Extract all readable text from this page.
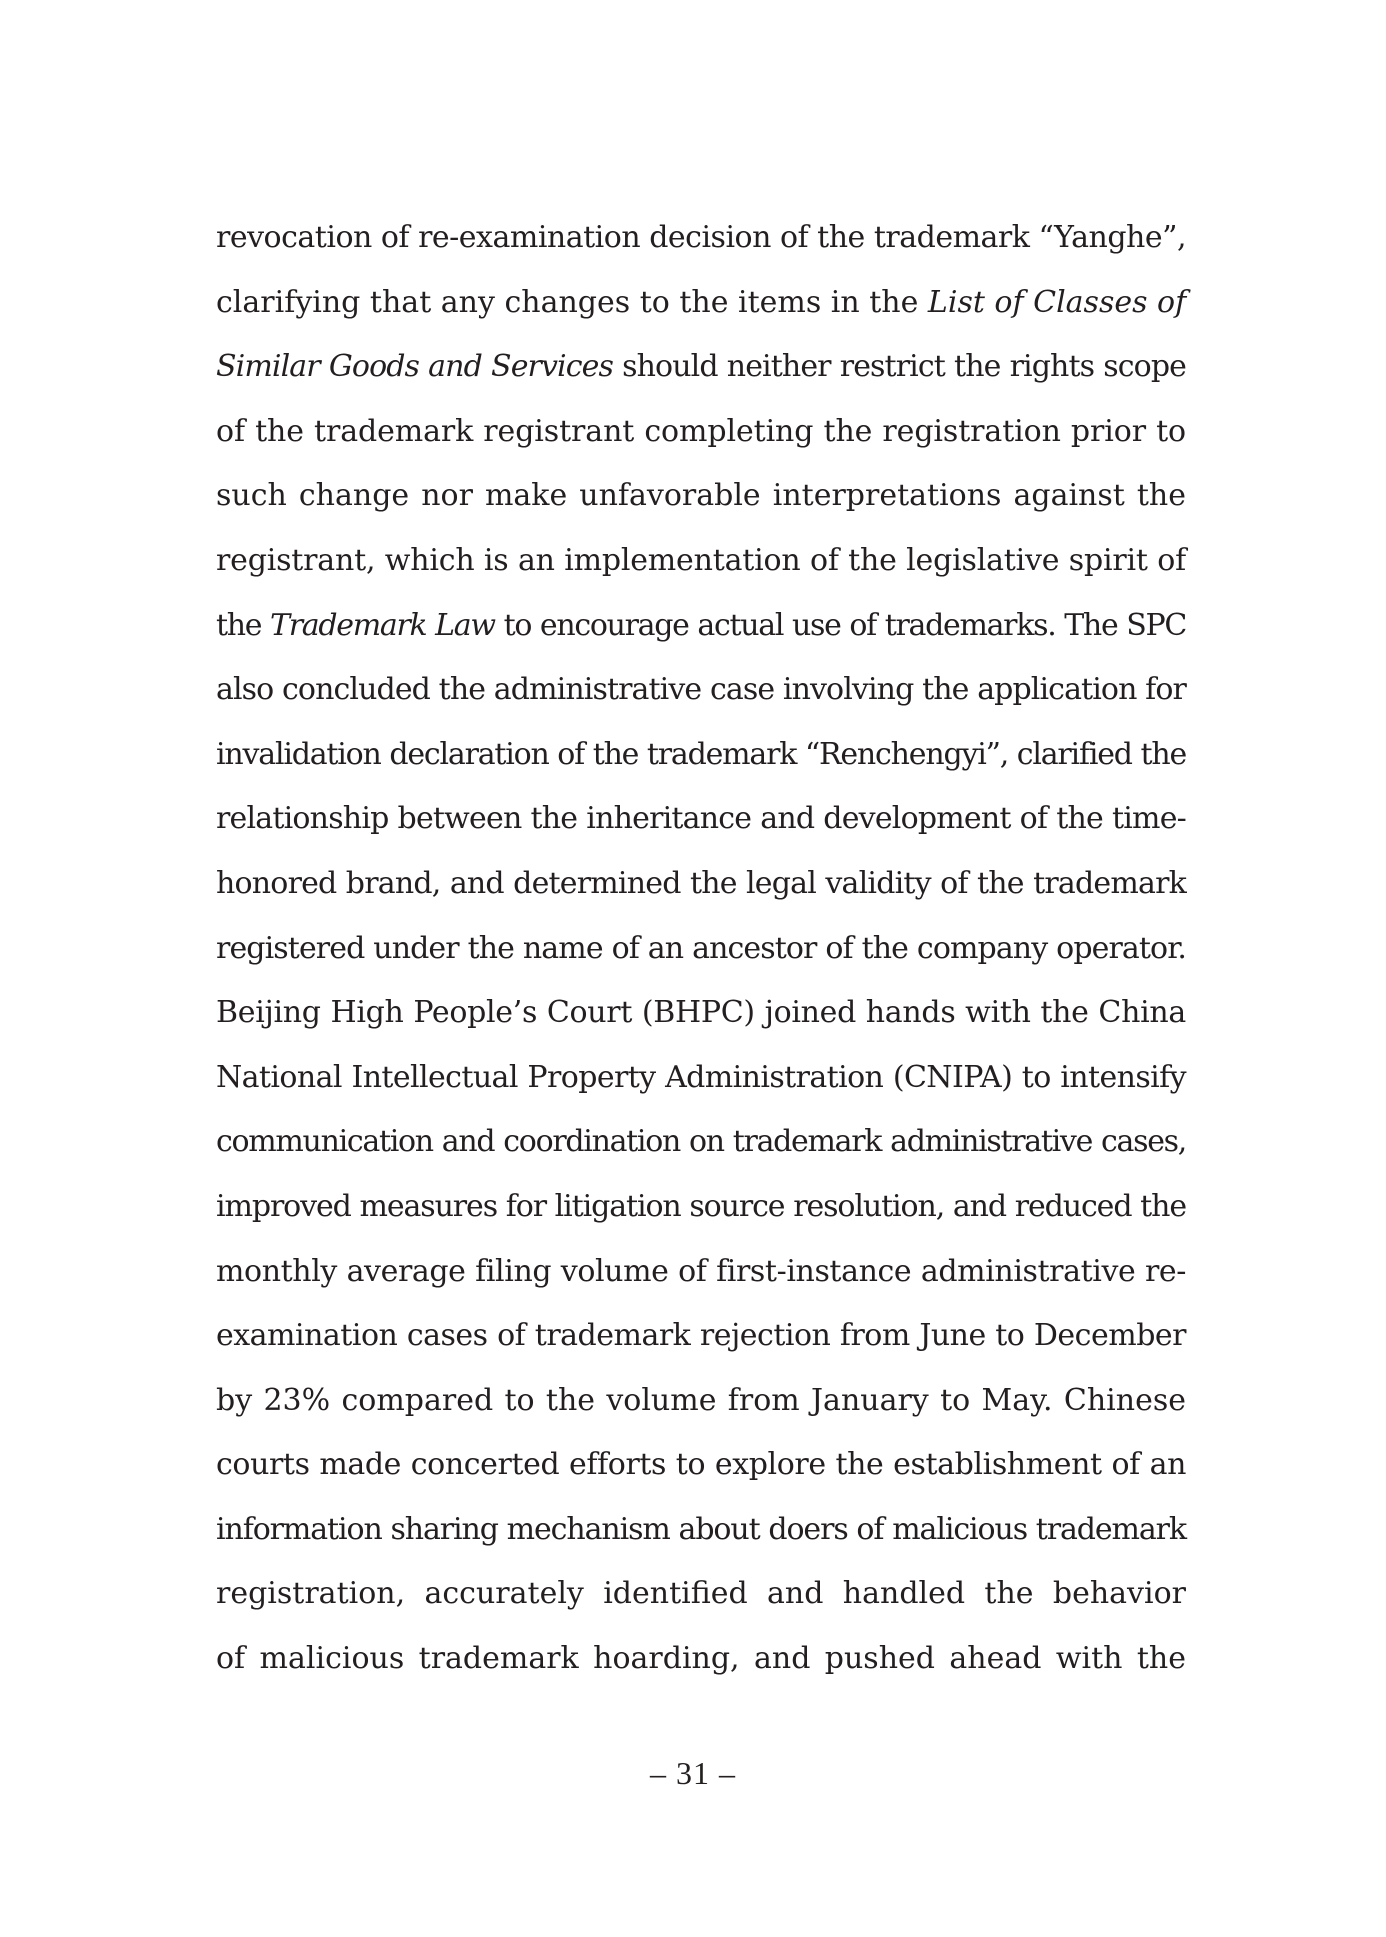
revocation of re-examination decision of the trademark “Yanghe”,
clarifying that any changes to the items in the List of Classes of
Similar Goods and Services should neither restrict the rights scope
of the trademark registrant completing the registration prior to
such change nor make unfavorable interpretations against the
registrant, which is an implementation of the legislative spirit of
the Trademark Law to encourage actual use of trademarks. The SPC
also concluded the administrative case involving the application for
invalidation declaration of the trademark “Renchengyi”, clarified the
relationship between the inheritance and development of the time-
honored brand, and determined the legal validity of the trademark
registered under the name of an ancestor of the company operator.
Beijing High People’s Court (BHPC) joined hands with the China
National Intellectual Property Administration (CNIPA) to intensify
communication and coordination on trademark administrative cases,
improved measures for litigation source resolution, and reduced the
monthly average filing volume of first-instance administrative re-
examination cases of trademark rejection from June to December
by 23% compared to the volume from January to May. Chinese
courts made concerted efforts to explore the establishment of an
information sharing mechanism about doers of malicious trademark
registration, accurately identified and handled the behavior
of malicious trademark hoarding, and pushed ahead with the
– 31 –
